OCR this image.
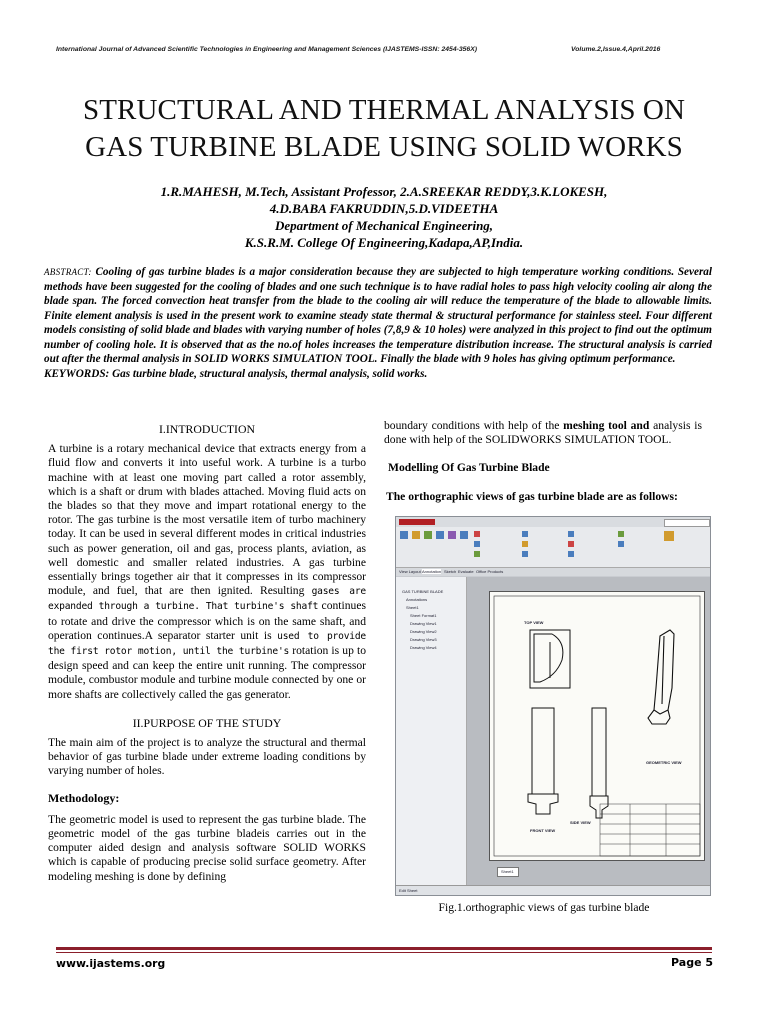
International Journal of Advanced Scientific Technologies in Engineering and Management Sciences (IJASTEMS-ISSN: 2454-356X)	Volume.2,Issue.4,April.2016
STRUCTURAL AND THERMAL ANALYSIS ON
GAS TURBINE BLADE USING SOLID WORKS
1.R.MAHESH, M.Tech, Assistant Professor, 2.A.SREEKAR REDDY,3.K.LOKESH,
4.D.BABA FAKRUDDIN,5.D.VIDEETHA
Department of Mechanical Engineering,
K.S.R.M. College Of Engineering,Kadapa,AP,India.
ABSTRACT: Cooling of gas turbine blades is a major consideration because they are subjected to high temperature working conditions. Several methods have been suggested for the cooling of blades and one such technique is to have radial holes to pass high velocity cooling air along the blade span. The forced convection heat transfer from the blade to the cooling air will reduce the temperature of the blade to allowable limits. Finite element analysis is used in the present work to examine steady state thermal & structural performance for stainless steel. Four different models consisting of solid blade and blades with varying number of holes (7,8,9 & 10 holes) were analyzed in this project to find out the optimum number of cooling hole. It is observed that as the no.of holes increases the temperature distribution increase. The structural analysis is carried out after the thermal analysis in SOLID WORKS SIMULATION TOOL. Finally the blade with 9 holes has giving optimum performance.
KEYWORDS: Gas turbine blade, structural analysis, thermal analysis, solid works.
I.INTRODUCTION

A turbine is a rotary mechanical device that extracts energy from a fluid flow and converts it into useful work. A turbine is a turbo machine with at least one moving part called a rotor assembly, which is a shaft or drum with blades attached. Moving fluid acts on the blades so that they move and impart rotational energy to the rotor. The gas turbine is the most versatile item of turbo machinery today. It can be used in several different modes in critical industries such as power generation, oil and gas, process plants, aviation, as well domestic and smaller related industries. A gas turbine essentially brings together air that it compresses in its compressor module, and fuel, that are then ignited. Resulting gases are expanded through a turbine. That turbine's shaft continues to rotate and drive the compressor which is on the same shaft, and operation continues.A separator starter unit is used to provide the first rotor motion, until the turbine's rotation is up to design speed and can keep the entire unit running. The compressor module, combustor module and turbine module connected by one or more shafts are collectively called the gas generator.

II.PURPOSE OF THE STUDY

The main aim of the project is to analyze the structural and thermal behavior of gas turbine blade under extreme loading conditions by varying number of holes.

Methodology:

The geometric model is used to represent the gas turbine blade. The geometric model of the gas turbine bladeis carries out in the computer aided design and analysis software SOLID WORKS which is capable of producing precise solid surface geometry. After modeling meshing is done by defining

boundary conditions with help of the meshing tool and analysis is done with help of the SOLIDWORKS SIMULATION TOOL.

Modelling Of Gas Turbine Blade
The orthographic views of gas turbine blade are as follows:
View Layout Annotation Sketch Evaluate Office Products
GAS TURBINE BLADE
Annotations
Sheet1
Sheet Format1
Drawing View1
Drawing View2
Drawing View3
Drawing View4
TOP VIEW
FRONT VIEW
SIDE VIEW
GEOMETRIC VIEW
Sheet1
Edit Sheet
Fig.1.orthographic views of gas turbine blade
www.ijastems.org	Page 5
